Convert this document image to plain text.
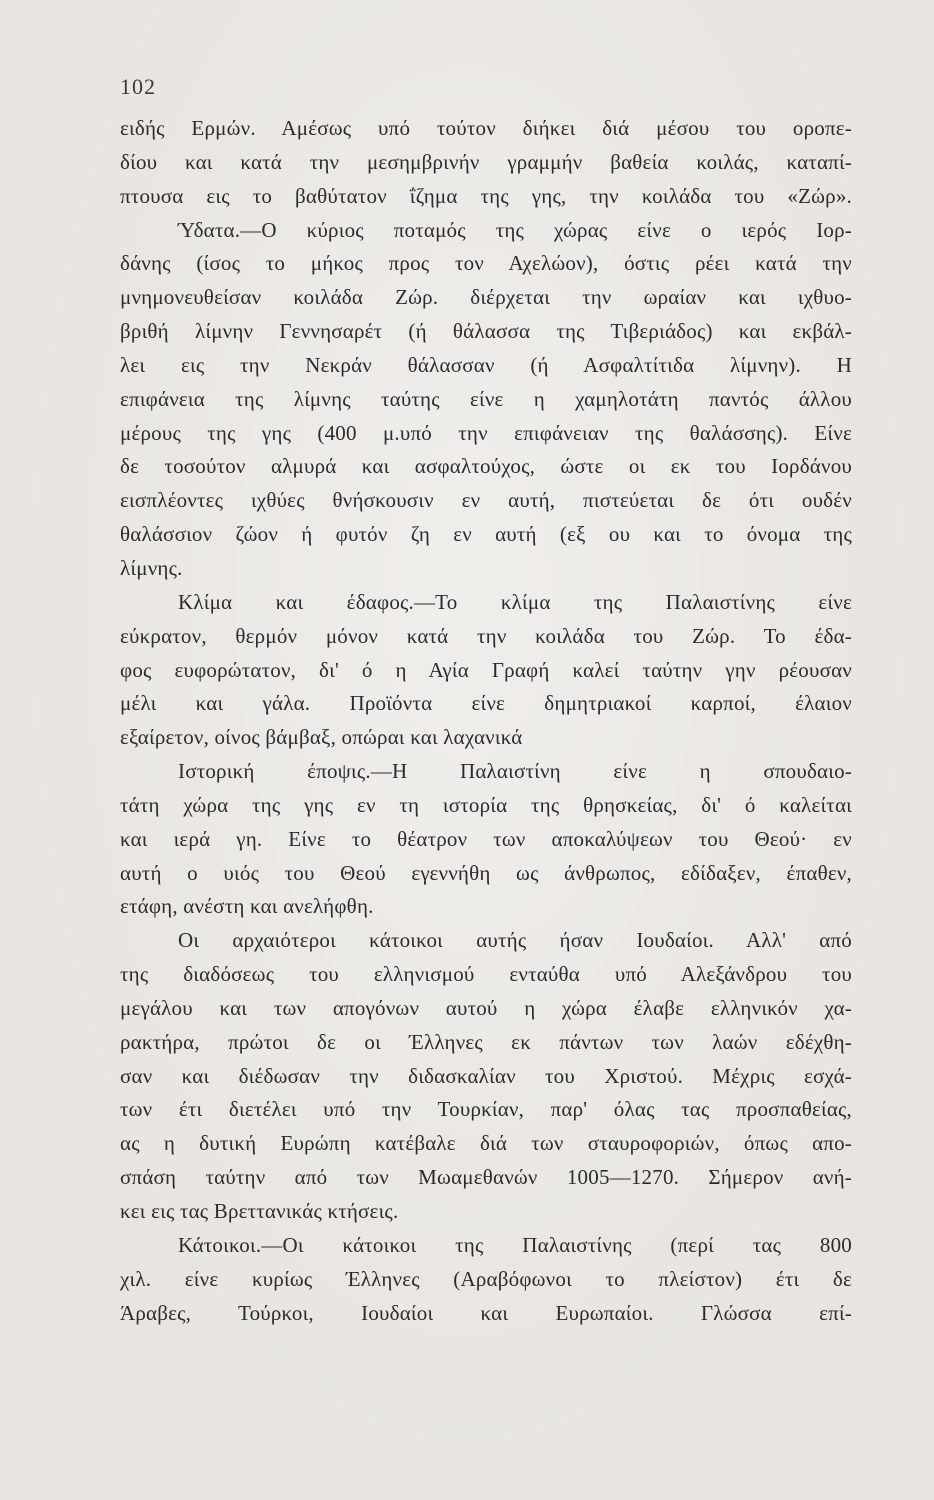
102
ειδής Ερμών. Αμέσως υπό τούτον διήκει διά μέσου του οροπε-
δίου και κατά την μεσημβρινήν γραμμήν βαθεία κοιλάς, καταπί-
πτουσα εις το βαθύτατον ΐζημα της γης, την κοιλάδα του «Ζώρ».
Ύδατα.—Ο κύριος ποταμός της χώρας είνε ο ιερός Ιορ-
δάνης (ίσος το μήκος προς τον Αχελώον), όστις ρέει κατά την
μνημονευθείσαν κοιλάδα Ζώρ. διέρχεται την ωραίαν και ιχθυο-
βριθή λίμνην Γεννησαρέτ (ή θάλασσα της Τιβεριάδος) και εκβάλ-
λει εις την Νεκράν θάλασσαν (ή Ασφαλτίτιδα λίμνην). Η
επιφάνεια της λίμνης ταύτης είνε η χαμηλοτάτη παντός άλλου
μέρους της γης (400 μ.υπό την επιφάνειαν της θαλάσσης). Είνε
δε τοσούτον αλμυρά και ασφαλτούχος, ώστε οι εκ του Ιορδάνου
εισπλέοντες ιχθύες θνήσκουσιν εν αυτή, πιστεύεται δε ότι ουδέν
θαλάσσιον ζώον ή φυτόν ζη εν αυτή (εξ ου και το όνομα της
λίμνης.
Κλίμα και έδαφος.—Το κλίμα της Παλαιστίνης είνε
εύκρατον, θερμόν μόνον κατά την κοιλάδα του Ζώρ. Το έδα-
φος ευφορώτατον, δι' ό η Αγία Γραφή καλεί ταύτην γην ρέουσαν
μέλι και γάλα. Προϊόντα είνε δημητριακοί καρποί, έλαιον
εξαίρετον, οίνος βάμβαξ, οπώραι και λαχανικά
Ιστορική έποψις.—Η Παλαιστίνη είνε η σπουδαιο-
τάτη χώρα της γης εν τη ιστορία της θρησκείας, δι' ό καλείται
και ιερά γη. Είνε το θέατρον των αποκαλύψεων του Θεού· εν
αυτή ο υιός του Θεού εγεννήθη ως άνθρωπος, εδίδαξεν, έπαθεν,
ετάφη, ανέστη και ανελήφθη.
Οι αρχαιότεροι κάτοικοι αυτής ήσαν Ιουδαίοι. Αλλ' από
της διαδόσεως του ελληνισμού ενταύθα υπό Αλεξάνδρου του
μεγάλου και των απογόνων αυτού η χώρα έλαβε ελληνικόν χα-
ρακτήρα, πρώτοι δε οι Έλληνες εκ πάντων των λαών εδέχθη-
σαν και διέδωσαν την διδασκαλίαν του Χριστού. Μέχρις εσχά-
των έτι διετέλει υπό την Τουρκίαν, παρ' όλας τας προσπαθείας,
ας η δυτική Ευρώπη κατέβαλε διά των σταυροφοριών, όπως απο-
σπάση ταύτην από των Μωαμεθανών 1005—1270. Σήμερον ανή-
κει εις τας Βρεττανικάς κτήσεις.
Κάτοικοι.—Οι κάτοικοι της Παλαιστίνης (περί τας 800
χιλ. είνε κυρίως Έλληνες (Αραβόφωνοι το πλείστον) έτι δε
Άραβες, Τούρκοι, Ιουδαίοι και Ευρωπαίοι. Γλώσσα επί-
